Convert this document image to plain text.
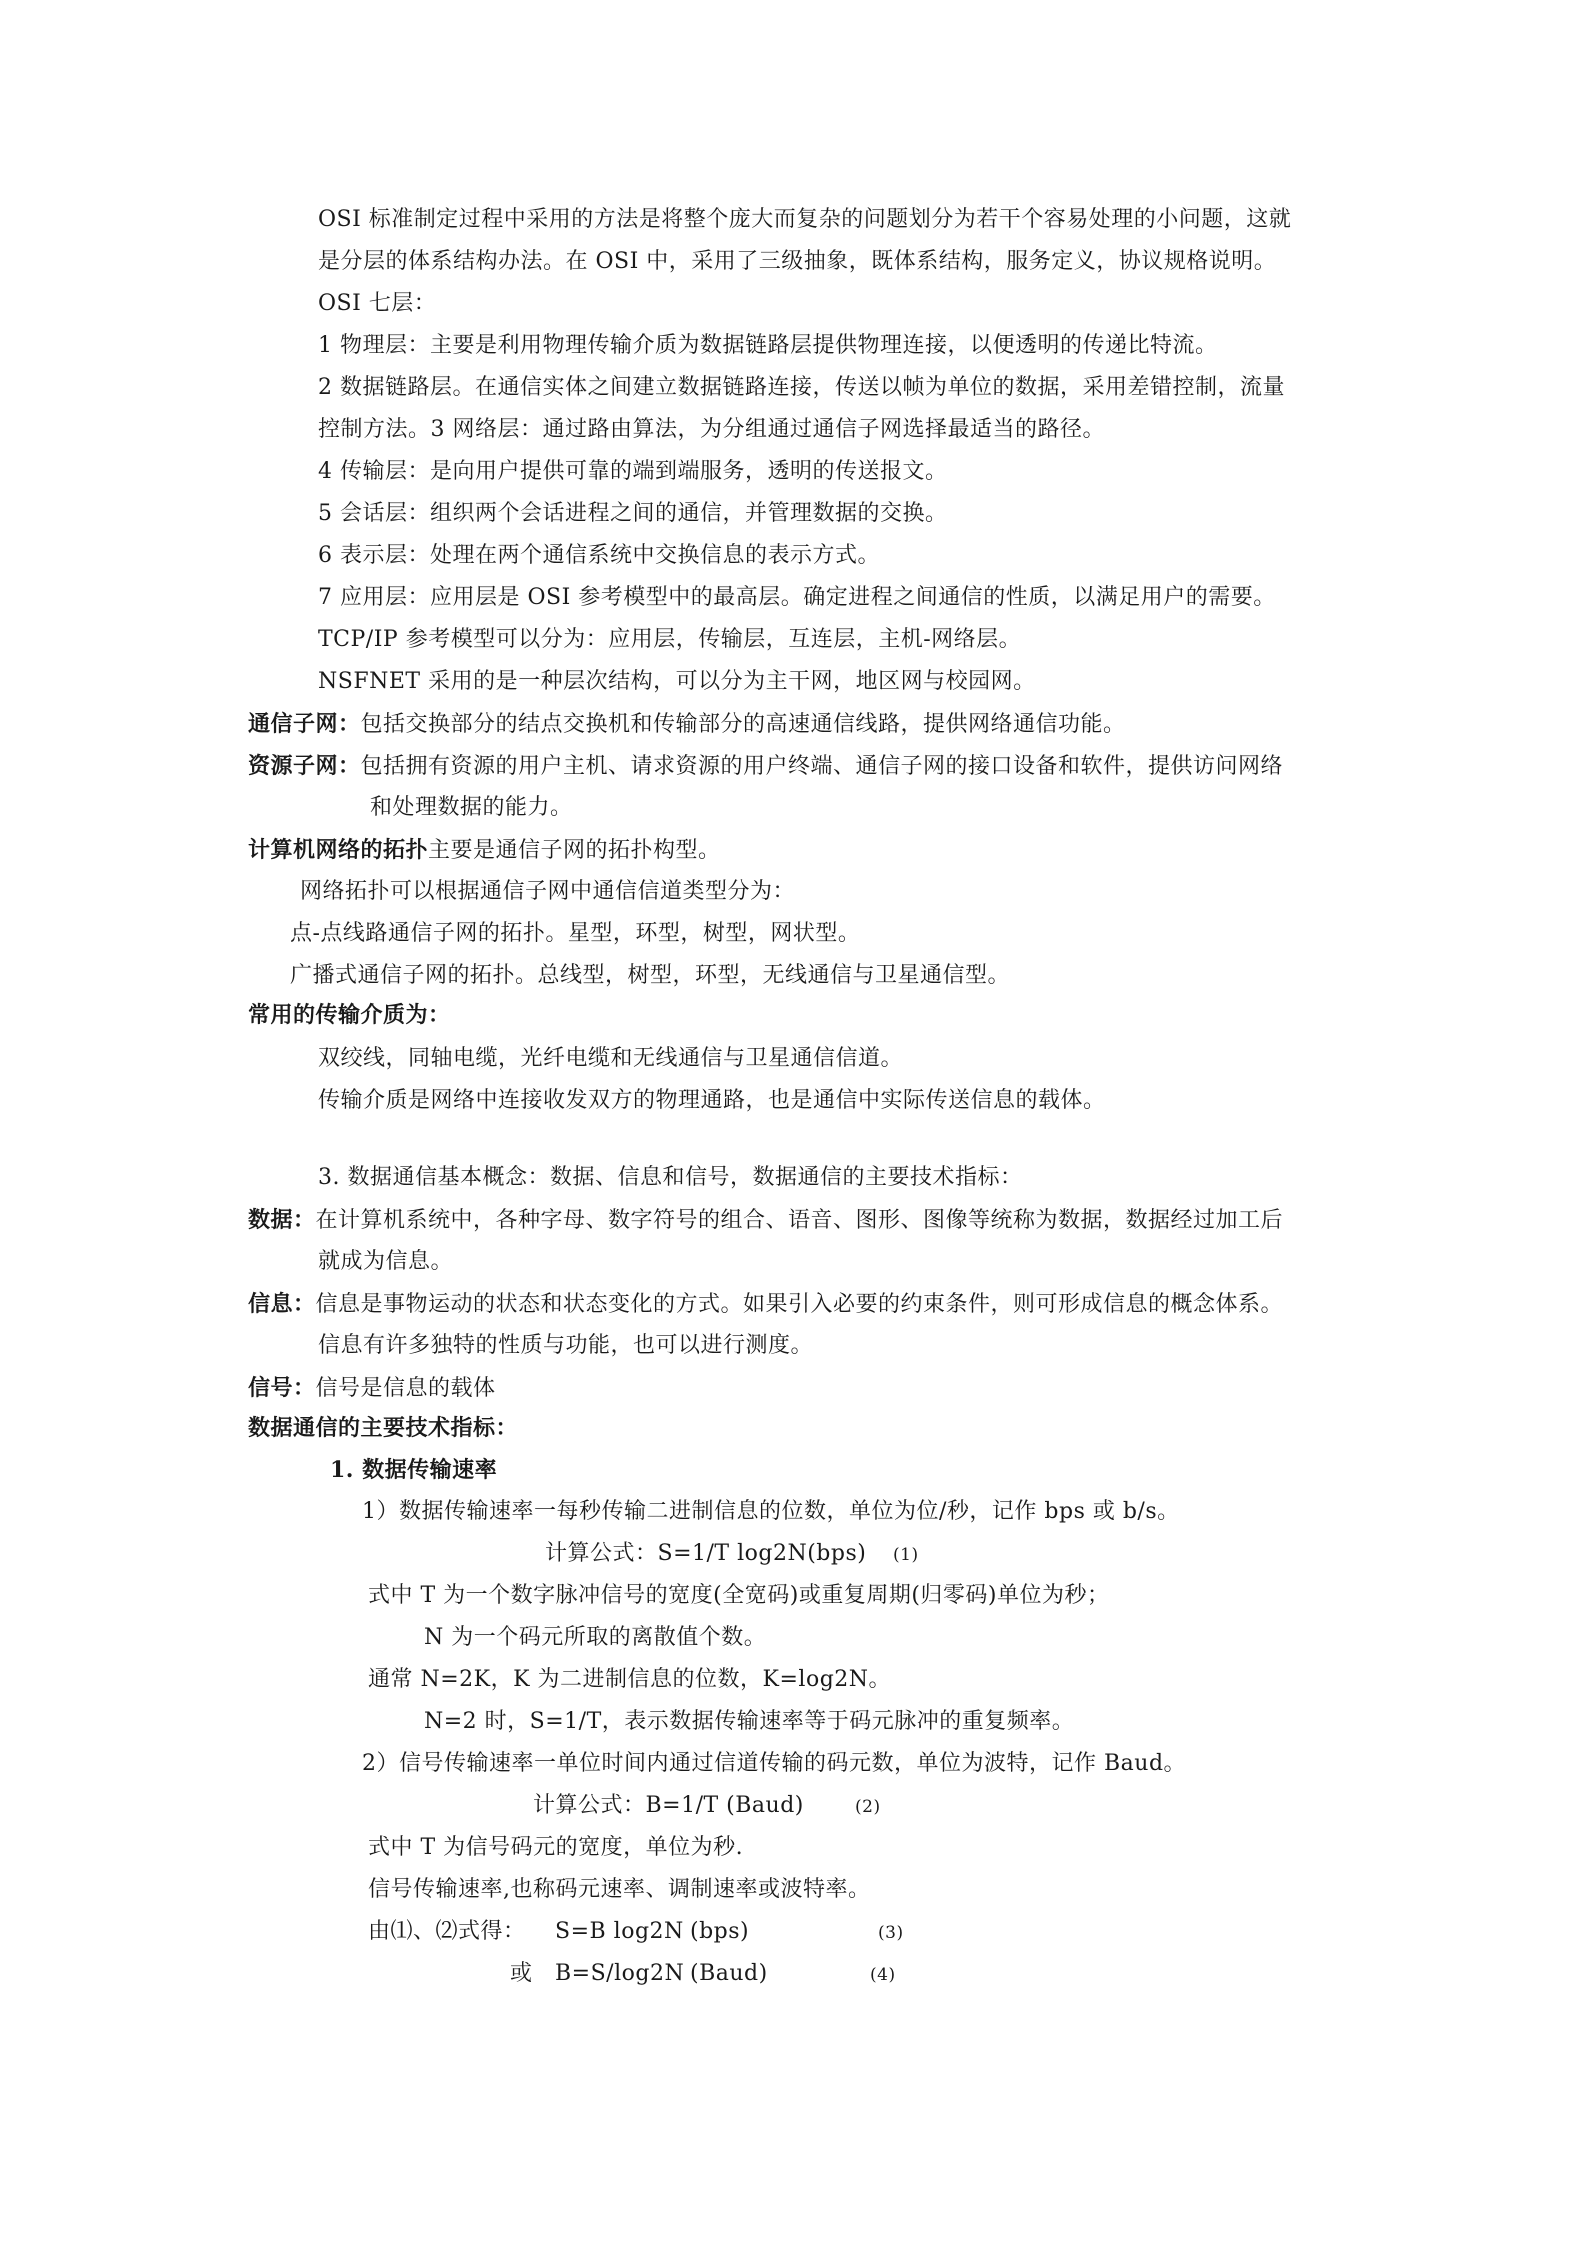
OSI 标准制定过程中采用的方法是将整个庞大而复杂的问题划分为若干个容易处理的小问题，这就
是分层的体系结构办法。在 OSI 中，采用了三级抽象，既体系结构，服务定义，协议规格说明。
OSI 七层：
1 物理层：主要是利用物理传输介质为数据链路层提供物理连接，以便透明的传递比特流。
2 数据链路层。在通信实体之间建立数据链路连接，传送以帧为单位的数据，采用差错控制，流量
控制方法。3 网络层：通过路由算法，为分组通过通信子网选择最适当的路径。
4 传输层：是向用户提供可靠的端到端服务，透明的传送报文。
5 会话层：组织两个会话进程之间的通信，并管理数据的交换。
6 表示层：处理在两个通信系统中交换信息的表示方式。
7 应用层：应用层是 OSI 参考模型中的最高层。确定进程之间通信的性质，以满足用户的需要。
TCP/IP 参考模型可以分为：应用层，传输层，互连层，主机-网络层。
NSFNET 采用的是一种层次结构，可以分为主干网，地区网与校园网。
通信子网：包括交换部分的结点交换机和传输部分的高速通信线路，提供网络通信功能。
资源子网：包括拥有资源的用户主机、请求资源的用户终端、通信子网的接口设备和软件，提供访问网络
和处理数据的能力。
计算机网络的拓扑主要是通信子网的拓扑构型。
网络拓扑可以根据通信子网中通信信道类型分为：
点-点线路通信子网的拓扑。星型，环型，树型，网状型。
广播式通信子网的拓扑。总线型，树型，环型，无线通信与卫星通信型。
常用的传输介质为：
双绞线，同轴电缆，光纤电缆和无线通信与卫星通信信道。
传输介质是网络中连接收发双方的物理通路，也是通信中实际传送信息的载体。
3. 数据通信基本概念：数据、信息和信号，数据通信的主要技术指标：
数据：在计算机系统中，各种字母、数字符号的组合、语音、图形、图像等统称为数据，数据经过加工后
就成为信息。
信息：信息是事物运动的状态和状态变化的方式。如果引入必要的约束条件，则可形成信息的概念体系。
信息有许多独特的性质与功能，也可以进行测度。
信号：信号是信息的载体
数据通信的主要技术指标：
1. 数据传输速率
1）数据传输速率一每秒传输二进制信息的位数，单位为位/秒，记作 bps 或 b/s。
计算公式：S=1/T log2N(bps) (1)
式中 T 为一个数字脉冲信号的宽度(全宽码)或重复周期(归零码)单位为秒；
N 为一个码元所取的离散值个数。
通常 N=2K，K 为二进制信息的位数，K=log2N。
N=2 时，S=1/T，表示数据传输速率等于码元脉冲的重复频率。
2）信号传输速率一单位时间内通过信道传输的码元数，单位为波特，记作 Baud。
计算公式：B=1/T (Baud)	(2)
式中 T 为信号码元的宽度，单位为秒.
信号传输速率,也称码元速率、调制速率或波特率。
由⑴、⑵式得： S=B log2N (bps)	(3)
或 B=S/log2N (Baud)	(4)
